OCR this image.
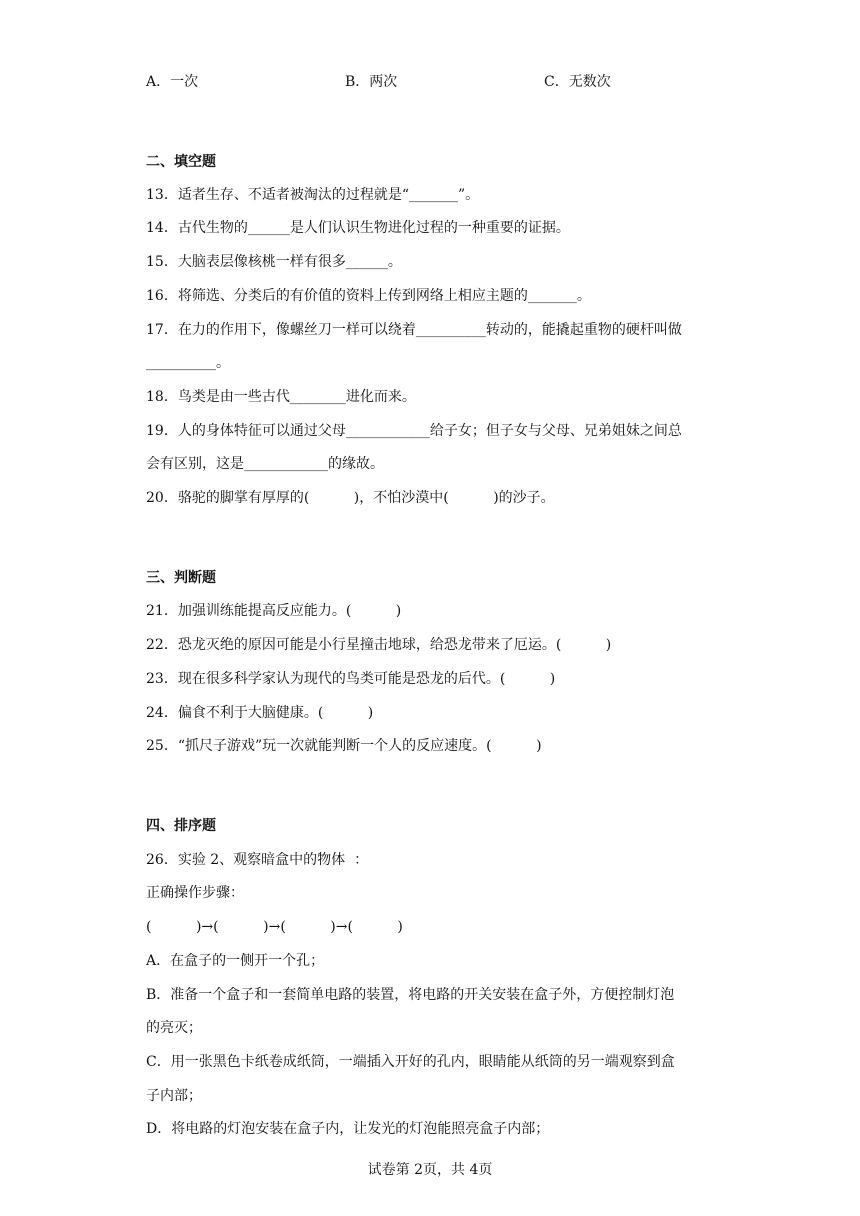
A．一次	B．两次	C．无数次
二、填空题
13．适者生存、不适者被淘汰的过程就是“_______”。
14．古代生物的______是人们认识生物进化过程的一种重要的证据。
15．大脑表层像核桃一样有很多______。
16．将筛选、分类后的有价值的资料上传到网络上相应主题的_______。
17．在力的作用下，像螺丝刀一样可以绕着__________转动的，能撬起重物的硬杆叫做
__________。
18．鸟类是由一些古代________进化而来。
19．人的身体特征可以通过父母____________给子女；但子女与父母、兄弟姐妹之间总
会有区别，这是____________的缘故。
20．骆驼的脚掌有厚厚的(          )，不怕沙漠中(          )的沙子。
三、判断题
21．加强训练能提高反应能力。(          )
22．恐龙灭绝的原因可能是小行星撞击地球，给恐龙带来了厄运。(          )
23．现在很多科学家认为现代的鸟类可能是恐龙的后代。(          )
24．偏食不利于大脑健康。(          )
25．“抓尺子游戏”玩一次就能判断一个人的反应速度。(          )
四、排序题
26．实验 2、观察暗盒中的物体  ：
正确操作步骤：
(          )→(          )→(          )→(          )
A．在盒子的一侧开一个孔；
B．准备一个盒子和一套简单电路的装置，将电路的开关安装在盒子外，方便控制灯泡
的亮灭；
C．用一张黑色卡纸卷成纸筒，一端插入开好的孔内，眼睛能从纸筒的另一端观察到盒
子内部；
D．将电路的灯泡安装在盒子内，让发光的灯泡能照亮盒子内部；
试卷第 2页，共 4页
